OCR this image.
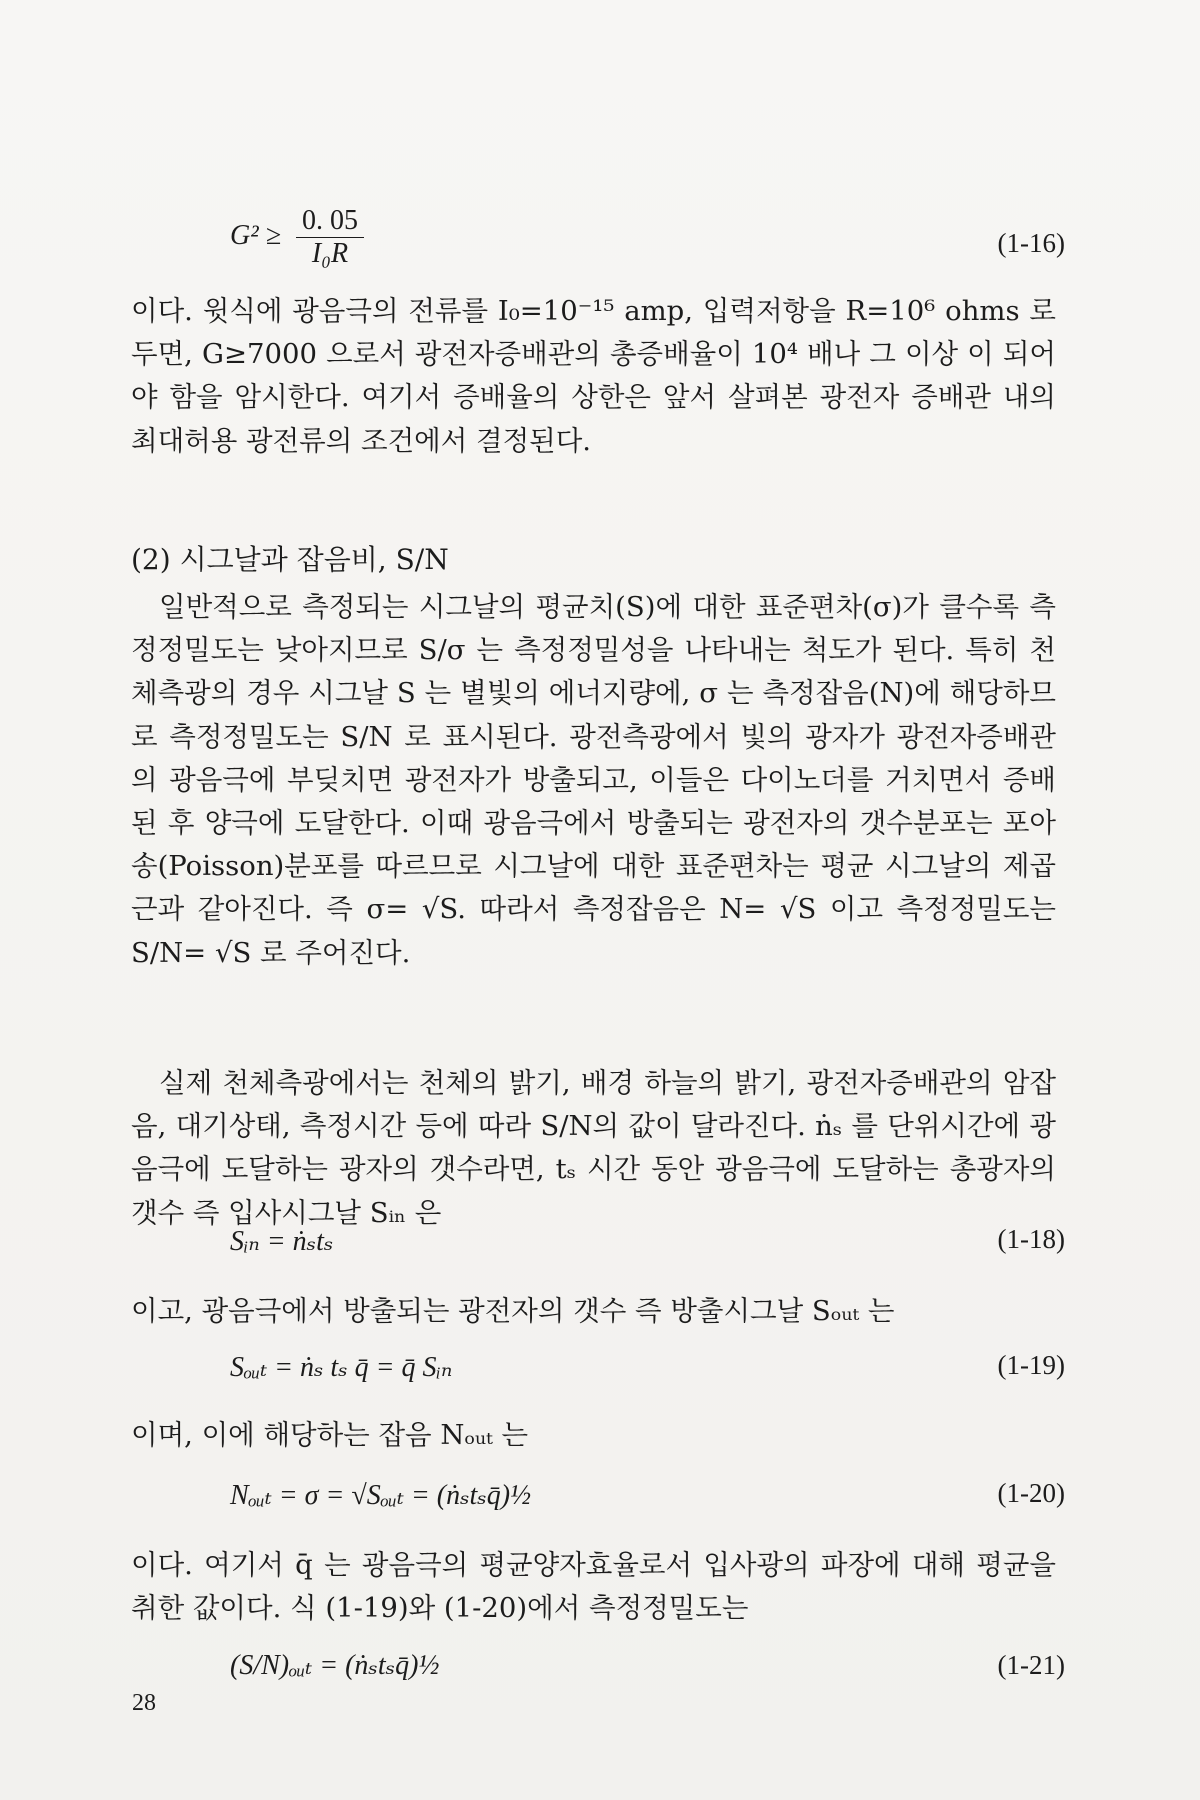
$G^2 \ge \frac{0. 05}{\text{I₀R}}$	(1-16)

이다. 윗식에 광음극의 전류를 I₀=10⁻¹⁵ amp, 입력저항을 R=10⁶ ohms 로 두면, G≥7000 으로서 광전자증배관의 총증배율이 10⁴ 배나 그 이상 이 되어야 함을 암시한다. 여기서 증배율의 상한은 앞서 살펴본 광전자 증배관 내의 최대허용 광전류의 조건에서 결정된다.

(2) 시그날과 잡음비, S/N

일반적으로 측정되는 시그날의 평균치(S)에 대한 표준편차(σ)가 클수록 측정정밀도는 낮아지므로 S/σ 는 측정정밀성을 나타내는 척도가 된다. 특히 천체측광의 경우 시그날 S 는 별빛의 에너지량에, σ 는 측정잡음(N)에 해당하므로 측정정밀도는 S/N 로 표시된다. 광전측광에서 빛의 광자가 광전자증배관의 광음극에 부딪치면 광전자가 방출되고, 이들은 다이노더를 거치면서 증배된 후 양극에 도달한다. 이때 광음극에서 방출되는 광전자의 갯수분포는 포아송(Poisson)분포를 따르므로 시그날에 대한 표준편차는 평균 시그날의 제곱근과 같아진다. 즉 σ= √S. 따라서 측정잡음은 N= √S 이고 측정정밀도는 S/N= √S 로 주어진다.

실제 천체측광에서는 천체의 밝기, 배경 하늘의 밝기, 광전자증배관의 암잡음, 대기상태, 측정시간 등에 따라 S/N의 값이 달라진다. ṅₛ 를 단위시간에 광음극에 도달하는 광자의 갯수라면, tₛ 시간 동안 광음극에 도달하는 총광자의 갯수 즉 입사시그날 Sᵢₙ 은

Sᵢₙ = ṅₛtₛ	(1-18)

이고, 광음극에서 방출되는 광전자의 갯수 즉 방출시그날 Sₒᵤₜ 는

Sₒᵤₜ = ṅₛ tₛ q̄ = q̄ Sᵢₙ	(1-19)

이며, 이에 해당하는 잡음 Nₒᵤₜ 는

Nₒᵤₜ = σ = √Sₒᵤₜ = (ṅₛtₛq̄)½	(1-20)

이다. 여기서 q̄ 는 광음극의 평균양자효율로서 입사광의 파장에 대해 평균을 취한 값이다. 식 (1-19)와 (1-20)에서 측정정밀도는

(S/N)ₒᵤₜ = (ṅₛtₛq̄)½	(1-21)
28
